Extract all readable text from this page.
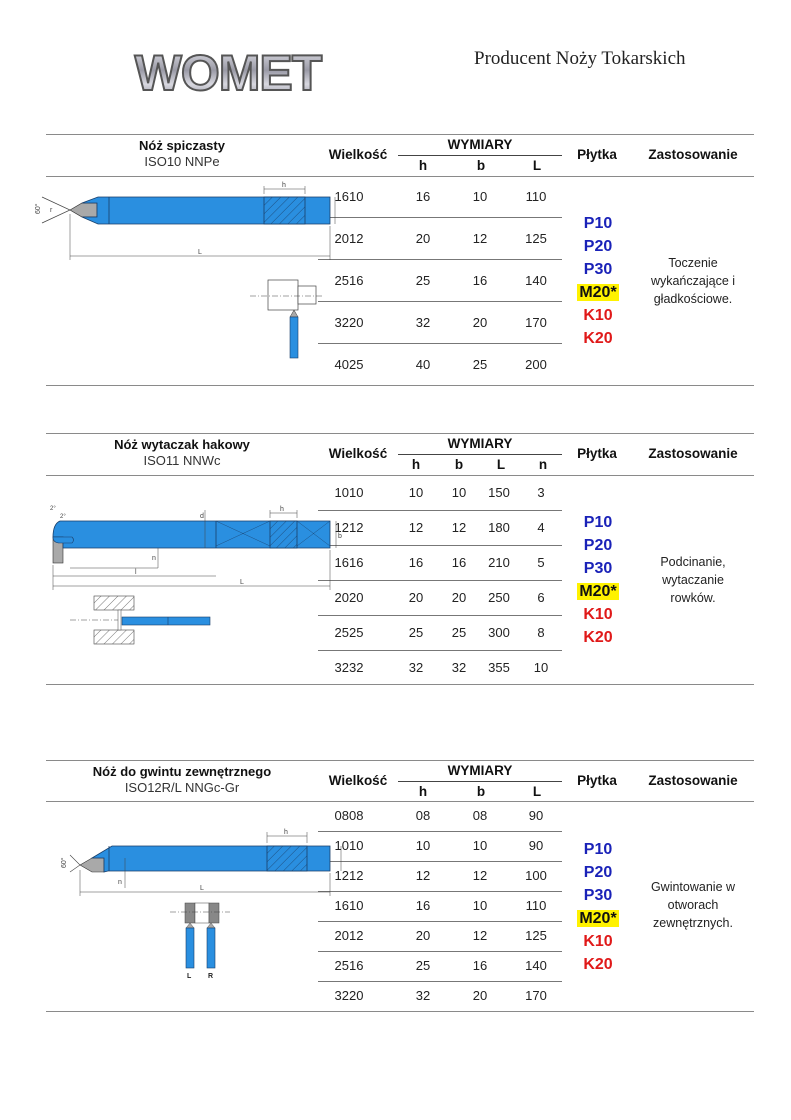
WOMET	Producent Noży Tokarskich
Nóż spiczasty
ISO10 NNPe	Wielkość
WYMIARY
h	b	L
Płytka	Zastosowanie
1610	16	10	110
2012	20	12	125
2516	25	16	140
3220	32	20	170
4025	40	25	200
P10
P20
P30
M20*
K10
K20
Toczenie
wykańczające i
gładkościowe.
60° r
h
L
Nóż wytaczak hakowy
ISO11 NNWc	Wielkość
WYMIARY
h	b	L	n
Płytka	Zastosowanie
1010	10	10	150	3
1212	12	12	180	4
1616	16	16	210	5
2020	20	20	250	6
2525	25	25	300	8
3232	32	32	355	10
P10
P20
P30
M20*
K10
K20
Podcinanie,
wytaczanie
rowków.
2°
2°
h
b
d
n
l
L
Nóż do gwintu zewnętrznego
ISO12R/L NNGc-Gr	Wielkość
WYMIARY
h	b	L
Płytka	Zastosowanie
0808	08	08	90
1010	10	10	90
1212	12	12	100
1610	16	10	110
2012	20	12	125
2516	25	16	140
3220	32	20	170
P10
P20
P30
M20*
K10
K20
Gwintowanie w
otworach
zewnętrznych.
60°
h
n
L
L R
